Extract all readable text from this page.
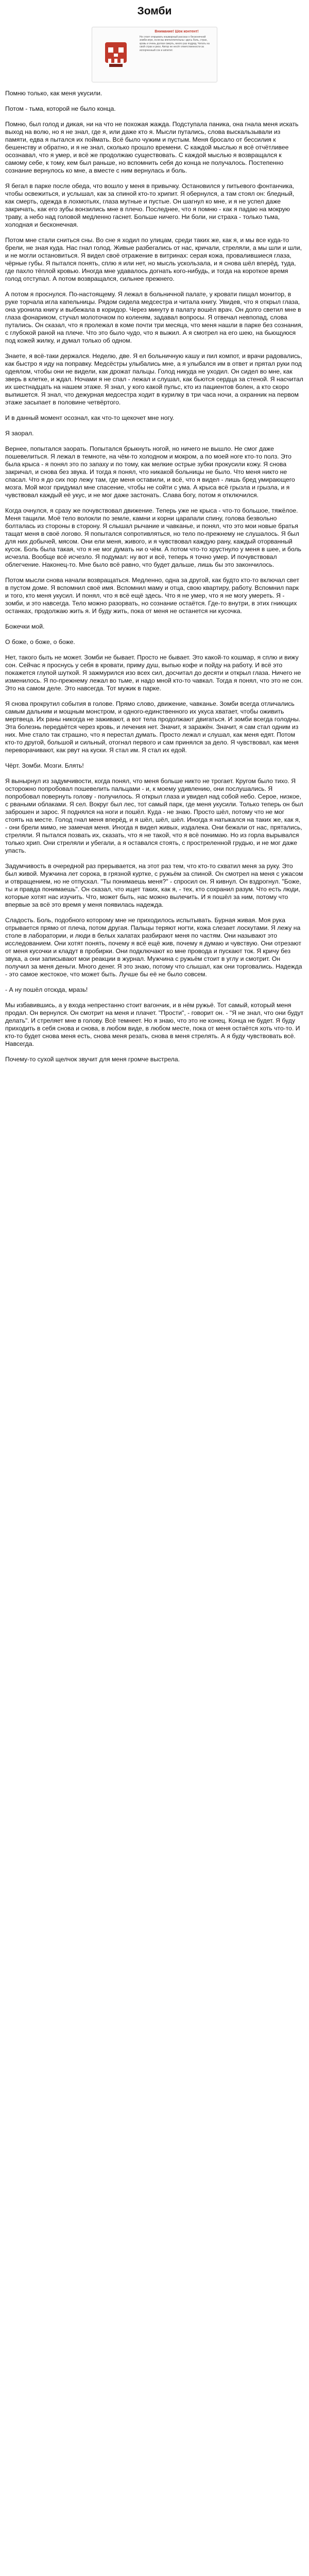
Зомби
Внимание! Шок контент!
Не стоит открывать кошмарный рассказ о бесконечной зомби-игре, если вы впечатлительны: здесь боль, страх, кровь и очень долгая смерть, много раз подряд. Читать на свой страх и риск. Автор не несёт ответственности за испорченный сон и аппетит.

Помню только, как меня укусили.

Потом - тьма, которой не было конца.

Помню, был голод и дикая, ни на что не похожая жажда. Подступала паника, она гнала меня искать выход на волю, но я не знал, где я, или даже кто я. Мысли путались, слова выскальзывали из памяти, едва я пытался их поймать. Всё было чужим и пустым. Меня бросало от бессилия к бешенству и обратно, и я не знал, сколько прошло времени. С каждой мыслью я всё отчётливее осознавал, что я умер, и всё же продолжаю существовать. С каждой мыслью я возвращался к самому себе, к тому, кем был раньше, но вспомнить себя до конца не получалось. Постепенно сознание вернулось ко мне, а вместе с ним вернулась и боль.

Я бегал в парке после обеда, что вошло у меня в привычку. Остановился у питьевого фонтанчика, чтобы освежиться, и услышал, как за спиной кто-то хрипит. Я обернулся, а там стоял он: бледный, как смерть, одежда в лохмотьях, глаза мутные и пустые. Он шагнул ко мне, и я не успел даже закричать, как его зубы вонзились мне в плечо. Последнее, что я помню - как я падаю на мокрую траву, а небо над головой медленно гаснет. Больше ничего. Ни боли, ни страха - только тьма, холодная и бесконечная.

Потом мне стали сниться сны. Во сне я ходил по улицам, среди таких же, как я, и мы все куда-то брели, не зная куда. Нас гнал голод. Живые разбегались от нас, кричали, стреляли, а мы шли и шли, и не могли остановиться. Я видел своё отражение в витринах: серая кожа, провалившиеся глаза, чёрные губы. Я пытался понять, сплю я или нет, но мысль ускользала, и я снова шёл вперёд, туда, где пахло тёплой кровью. Иногда мне удавалось догнать кого-нибудь, и тогда на короткое время голод отступал. А потом возвращался, сильнее прежнего.

А потом я проснулся. По-настоящему. Я лежал в больничной палате, у кровати пищал монитор, в руке торчала игла капельницы. Рядом сидела медсестра и читала книгу. Увидев, что я открыл глаза, она уронила книгу и выбежала в коридор. Через минуту в палату вошёл врач. Он долго светил мне в глаза фонариком, стучал молоточком по коленям, задавал вопросы. Я отвечал невпопад, слова путались. Он сказал, что я пролежал в коме почти три месяца, что меня нашли в парке без сознания, с глубокой раной на плече. Что это было чудо, что я выжил. А я смотрел на его шею, на бьющуюся под кожей жилку, и думал только об одном.

Знаете, я всё-таки держался. Неделю, две. Я ел больничную кашу и пил компот, и врачи радовались, как быстро я иду на поправку. Медсёстры улыбались мне, а я улыбался им в ответ и прятал руки под одеялом, чтобы они не видели, как дрожат пальцы. Голод никуда не уходил. Он сидел во мне, как зверь в клетке, и ждал. Ночами я не спал - лежал и слушал, как бьются сердца за стеной. Я насчитал их шестнадцать на нашем этаже. Я знал, у кого какой пульс, кто из пациентов болен, а кто скоро выпишется. Я знал, что дежурная медсестра ходит в курилку в три часа ночи, а охранник на первом этаже засыпает в половине четвёртого.

И в данный момент осознал, как что-то щекочет мне ногу.

Я заорал.

Вернее, попытался заорать. Попытался брыкнуть ногой, но ничего не вышло. Не смог даже пошевелиться. Я лежал в темноте, на чём-то холодном и мокром, а по моей ноге кто-то полз. Это была крыса - я понял это по запаху и по тому, как мелкие острые зубки прокусили кожу. Я снова закричал, и снова без звука. И тогда я понял, что никакой больницы не было. Что меня никто не спасал. Что я до сих пор лежу там, где меня оставили, и всё, что я видел - лишь бред умирающего мозга. Мой мозг придумал мне спасение, чтобы не сойти с ума. А крыса всё грызла и грызла, и я чувствовал каждый её укус, и не мог даже застонать. Слава богу, потом я отключился.

Когда очнулся, я сразу же почувствовал движение. Теперь уже не крыса - что-то большое, тяжёлое. Меня тащили. Моё тело волокли по земле, камни и корни царапали спину, голова безвольно болталась из стороны в сторону. Я слышал рычание и чавканье, и понял, что это мои новые братья тащат меня в своё логово. Я попытался сопротивляться, но тело по-прежнему не слушалось. Я был для них добычей, мясом. Они ели меня, живого, и я чувствовал каждую рану, каждый оторванный кусок. Боль была такая, что я не мог думать ни о чём. А потом что-то хрустнуло у меня в шее, и боль исчезла. Вообще всё исчезло. Я подумал: ну вот и всё, теперь я точно умер. И почувствовал облегчение. Наконец-то. Мне было всё равно, что будет дальше, лишь бы это закончилось.

Потом мысли снова начали возвращаться. Медленно, одна за другой, как будто кто-то включал свет в пустом доме. Я вспомнил своё имя. Вспомнил маму и отца, свою квартиру, работу. Вспомнил парк и того, кто меня укусил. И понял, что я всё ещё здесь. Что я не умер, что я не могу умереть. Я - зомби, и это навсегда. Тело можно разорвать, но сознание остаётся. Где-то внутри, в этих гниющих останках, продолжаю жить я. И буду жить, пока от меня не останется ни кусочка.

Божечки мой.

О боже, о боже, о боже.

Нет, такого быть не может. Зомби не бывает. Просто не бывает. Это какой-то кошмар, я сплю и вижу сон. Сейчас я проснусь у себя в кровати, приму душ, выпью кофе и пойду на работу. И всё это покажется глупой шуткой. Я зажмурился изо всех сил, досчитал до десяти и открыл глаза. Ничего не изменилось. Я по-прежнему лежал во тьме, и надо мной кто-то чавкал. Тогда я понял, что это не сон. Это на самом деле. Это навсегда. Тот мужик в парке.

Я снова прокрутил события в голове. Прямо слово, движение, чавканье. Зомби всегда отличались самым дальним и мощным монстром, и одного-единственного их укуса хватает, чтобы оживить мертвеца. Их раны никогда не заживают, а вот тела продолжают двигаться. И зомби всегда голодны. Эта болезнь передаётся через кровь, и лечения нет. Значит, я заражён. Значит, я сам стал одним из них. Мне стало так страшно, что я перестал думать. Просто лежал и слушал, как меня едят. Потом кто-то другой, большой и сильный, отогнал первого и сам принялся за дело. Я чувствовал, как меня переворачивают, как рвут на куски. Я стал им. Я стал их едой.

Чёрт. Зомби. Мозги. Блять!

Я вынырнул из задумчивости, когда понял, что меня больше никто не трогает. Кругом было тихо. Я осторожно попробовал пошевелить пальцами - и, к моему удивлению, они послушались. Я попробовал повернуть голову - получилось. Я открыл глаза и увидел над собой небо. Серое, низкое, с рваными облаками. Я сел. Вокруг был лес, тот самый парк, где меня укусили. Только теперь он был заброшен и зарос. Я поднялся на ноги и пошёл. Куда - не знаю. Просто шёл, потому что не мог стоять на месте. Голод гнал меня вперёд, и я шёл, шёл, шёл. Иногда я натыкался на таких же, как я, - они брели мимо, не замечая меня. Иногда я видел живых, издалека. Они бежали от нас, прятались, стреляли. Я пытался позвать их, сказать, что я не такой, что я всё понимаю. Но из горла вырывался только хрип. Они стреляли и убегали, а я оставался стоять, с простреленной грудью, и не мог даже упасть.

Задумчивость в очередной раз прерывается, на этот раз тем, что кто-то схватил меня за руку. Это был живой. Мужчина лет сорока, в грязной куртке, с ружьём за спиной. Он смотрел на меня с ужасом и отвращением, но не отпускал. "Ты понимаешь меня?" - спросил он. Я кивнул. Он вздрогнул. "Боже, ты и правда понимаешь". Он сказал, что ищет таких, как я, - тех, кто сохранил разум. Что есть люди, которые хотят нас изучить. Что, может быть, нас можно вылечить. И я пошёл за ним, потому что впервые за всё это время у меня появилась надежда.

Сладость. Боль, подобного которому мне не приходилось испытывать. Бурная живая. Моя рука отрывается прямо от плеча, потом другая. Пальцы теряют ногти, кожа слезает лоскутами. Я лежу на столе в лаборатории, и люди в белых халатах разбирают меня по частям. Они называют это исследованием. Они хотят понять, почему я всё ещё жив, почему я думаю и чувствую. Они отрезают от меня кусочки и кладут в пробирки. Они подключают ко мне провода и пускают ток. Я кричу без звука, а они записывают мои реакции в журнал. Мужчина с ружьём стоит в углу и смотрит. Он получил за меня деньги. Много денег. Я это знаю, потому что слышал, как они торговались. Надежда - это самое жестокое, что может быть. Лучше бы её не было совсем.

- А ну пошёл отсюда, мразь!

Мы избавившись, а у входа непрестанно стоит вагончик, и в нём ружьё. Тот самый, который меня продал. Он вернулся. Он смотрит на меня и плачет. "Прости", - говорит он. - "Я не знал, что они будут делать". И стреляет мне в голову. Всё темнеет. Но я знаю, что это не конец. Конца не будет. Я буду приходить в себя снова и снова, в любом виде, в любом месте, пока от меня остаётся хоть что-то. И кто-то будет снова меня есть, снова меня резать, снова в меня стрелять. А я буду чувствовать всё. Навсегда.

Почему-то сухой щелчок звучит для меня громче выстрела.
